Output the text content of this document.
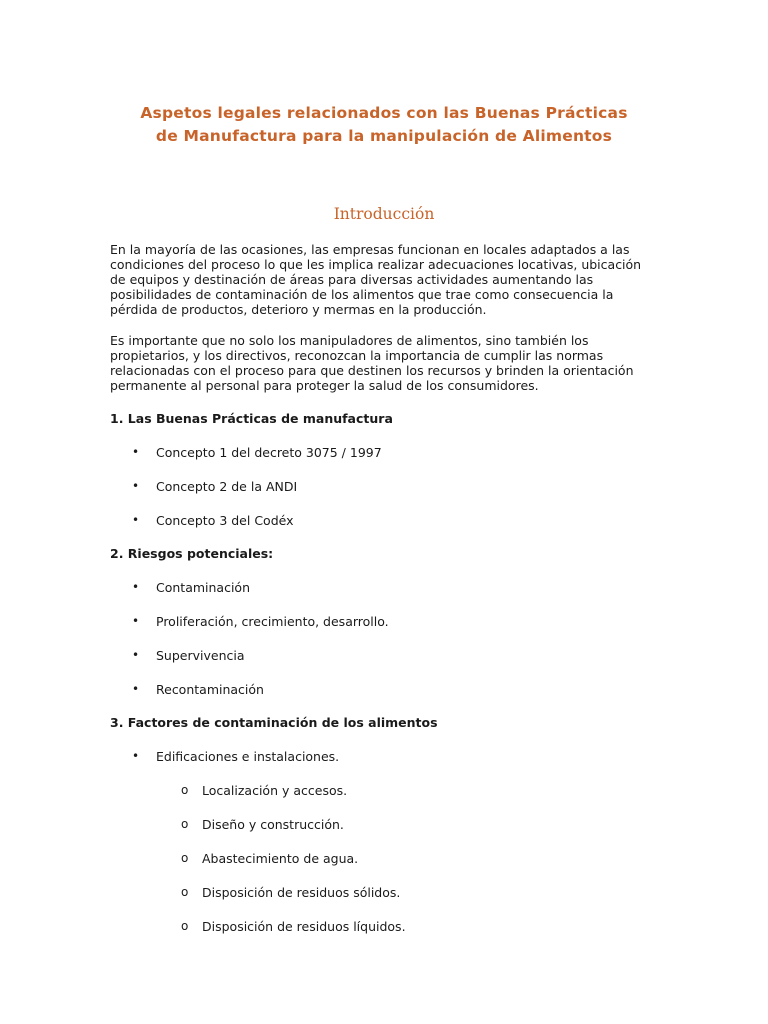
Aspetos legales relacionados con las Buenas Prácticas
de Manufactura para la manipulación de Alimentos
Introducción

En la mayoría de las ocasiones, las empresas funcionan en locales adaptados a las condiciones del proceso lo que les implica realizar adecuaciones locativas, ubicación de equipos y destinación de áreas para diversas actividades aumentando las posibilidades de contaminación de los alimentos que trae como consecuencia la pérdida de productos, deterioro y mermas en la producción.

Es importante que no solo los manipuladores de alimentos, sino también los propietarios, y los directivos, reconozcan la importancia de cumplir las normas relacionadas con el proceso para que destinen los recursos y brinden la orientación permanente al personal para proteger la salud de los consumidores.

1. Las Buenas Prácticas de manufactura
• Concepto 1 del decreto 3075 / 1997
• Concepto 2 de la ANDI
• Concepto 3 del Codéx
2. Riesgos potenciales:
• Contaminación
• Proliferación, crecimiento, desarrollo.
• Supervivencia
• Recontaminación
3. Factores de contaminación de los alimentos
• Edificaciones e instalaciones.
o Localización y accesos.
o Diseño y construcción.
o Abastecimiento de agua.
o Disposición de residuos sólidos.
o Disposición de residuos líquidos.
